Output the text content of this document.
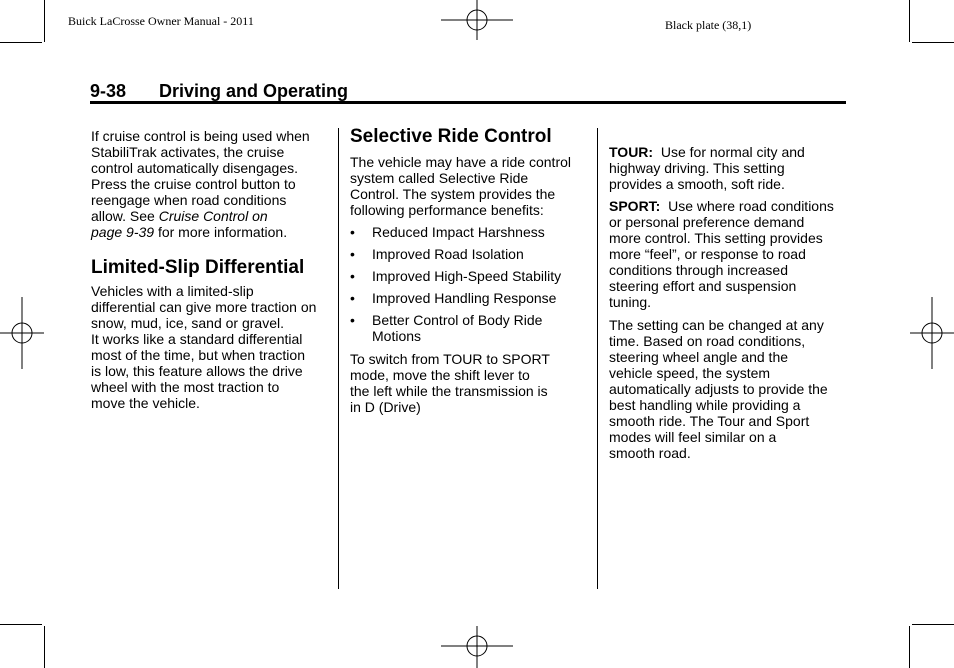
Buick LaCrosse Owner Manual - 2011	Black plate (38,1)
9-38 Driving and Operating

If cruise control is being used when
StabiliTrak activates, the cruise
control automatically disengages.
Press the cruise control button to
reengage when road conditions
allow. See Cruise Control on
page 9‑39 for more information.

Limited-Slip Differential

Vehicles with a limited-slip
differential can give more traction on
snow, mud, ice, sand or gravel.
It works like a standard differential
most of the time, but when traction
is low, this feature allows the drive
wheel with the most traction to
move the vehicle.

Selective Ride Control

The vehicle may have a ride control
system called Selective Ride
Control. The system provides the
following performance benefits:

• Reduced Impact Harshness
• Improved Road Isolation
• Improved High-Speed Stability
• Improved Handling Response
• Better Control of Body Ride
Motions

To switch from TOUR to SPORT
mode, move the shift lever to
the left while the transmission is
in D (Drive)

TOUR:  Use for normal city and
highway driving. This setting
provides a smooth, soft ride.

SPORT:  Use where road conditions
or personal preference demand
more control. This setting provides
more “feel”, or response to road
conditions through increased
steering effort and suspension
tuning.

The setting can be changed at any
time. Based on road conditions,
steering wheel angle and the
vehicle speed, the system
automatically adjusts to provide the
best handling while providing a
smooth ride. The Tour and Sport
modes will feel similar on a
smooth road.
